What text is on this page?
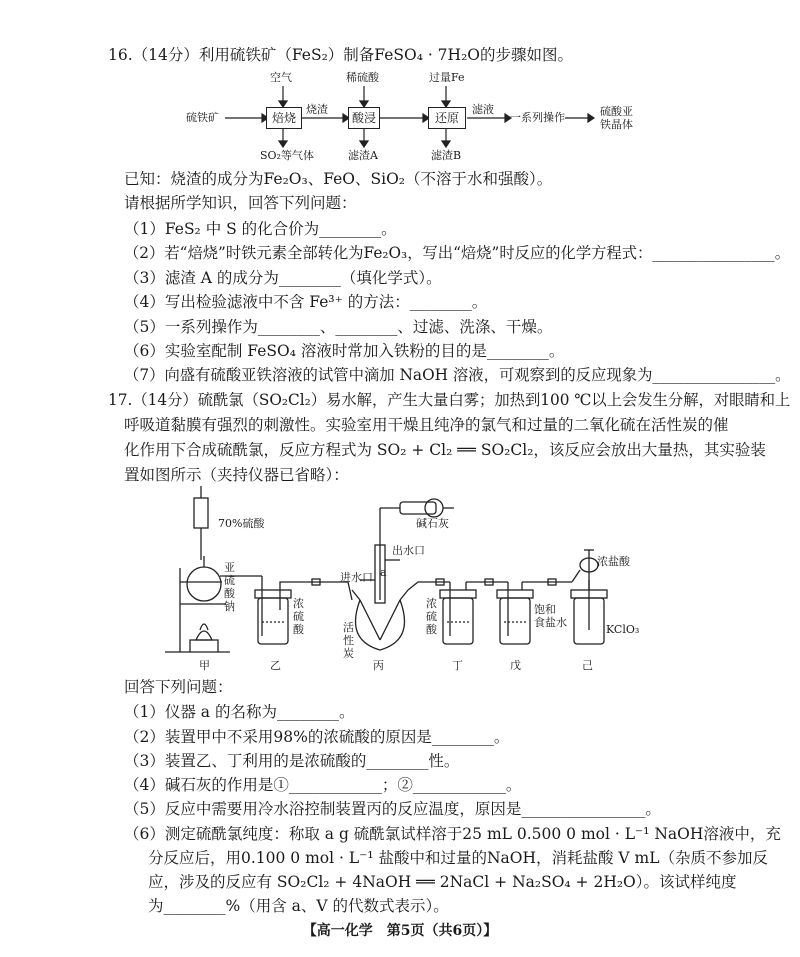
16.（14分）利用硫铁矿（FeS₂）制备FeSO₄ · 7H₂O的步骤如图。
硫铁矿	焙烧	酸浸	还原
空气
SO₂等气体
烧渣
稀硫酸
滤渣A
过量Fe
滤渣B
滤液
一系列操作	硫酸亚
铁晶体
已知：烧渣的成分为Fe₂O₃、FeO、SiO₂（不溶于水和强酸）。
请根据所学知识，回答下列问题：
（1）FeS₂ 中 S 的化合价为________。
（2）若“焙烧”时铁元素全部转化为Fe₂O₃，写出“焙烧”时反应的化学方程式：________________。
（3）滤渣 A 的成分为________（填化学式）。
（4）写出检验滤液中不含 Fe³⁺ 的方法：________。
（5）一系列操作为________、________、过滤、洗涤、干燥。
（6）实验室配制 FeSO₄ 溶液时常加入铁粉的目的是________。
（7）向盛有硫酸亚铁溶液的试管中滴加 NaOH 溶液，可观察到的反应现象为________________。
17.（14分）硫酰氯（SO₂Cl₂）易水解，产生大量白雾；加热到100 ℃以上会发生分解，对眼睛和上
呼吸道黏膜有强烈的刺激性。实验室用干燥且纯净的氯气和过量的二氧化硫在活性炭的催
化作用下合成硫酰氯，反应方程式为 SO₂ + Cl₂ ══ SO₂Cl₂，该反应会放出大量热，其实验装
置如图所示（夹持仪器已省略）：
70%硫酸
亚
硫
酸
钠	浓
硫
酸
碱石灰
出水口
进水口 a
活
性
炭
浓
硫
酸
饱和
食盐水
浓盐酸
KClO₃
甲	乙	丙	丁	戊	己
回答下列问题：
（1）仪器 a 的名称为________。
（2）装置甲中不采用98%的浓硫酸的原因是________。
（3）装置乙、丁利用的是浓硫酸的________性。
（4）碱石灰的作用是①____________；②____________。
（5）反应中需要用冷水浴控制装置丙的反应温度，原因是________________。
（6）测定硫酰氯纯度：称取 a g 硫酰氯试样溶于25 mL 0.500 0 mol · L⁻¹ NaOH溶液中，充
分反应后，用0.100 0 mol · L⁻¹ 盐酸中和过量的NaOH，消耗盐酸 V mL（杂质不参加反
应，涉及的反应有 SO₂Cl₂ + 4NaOH ══ 2NaCl + Na₂SO₄ + 2H₂O）。该试样纯度
为________%（用含 a、V 的代数式表示）。
【高一化学　第5页（共6页）】
